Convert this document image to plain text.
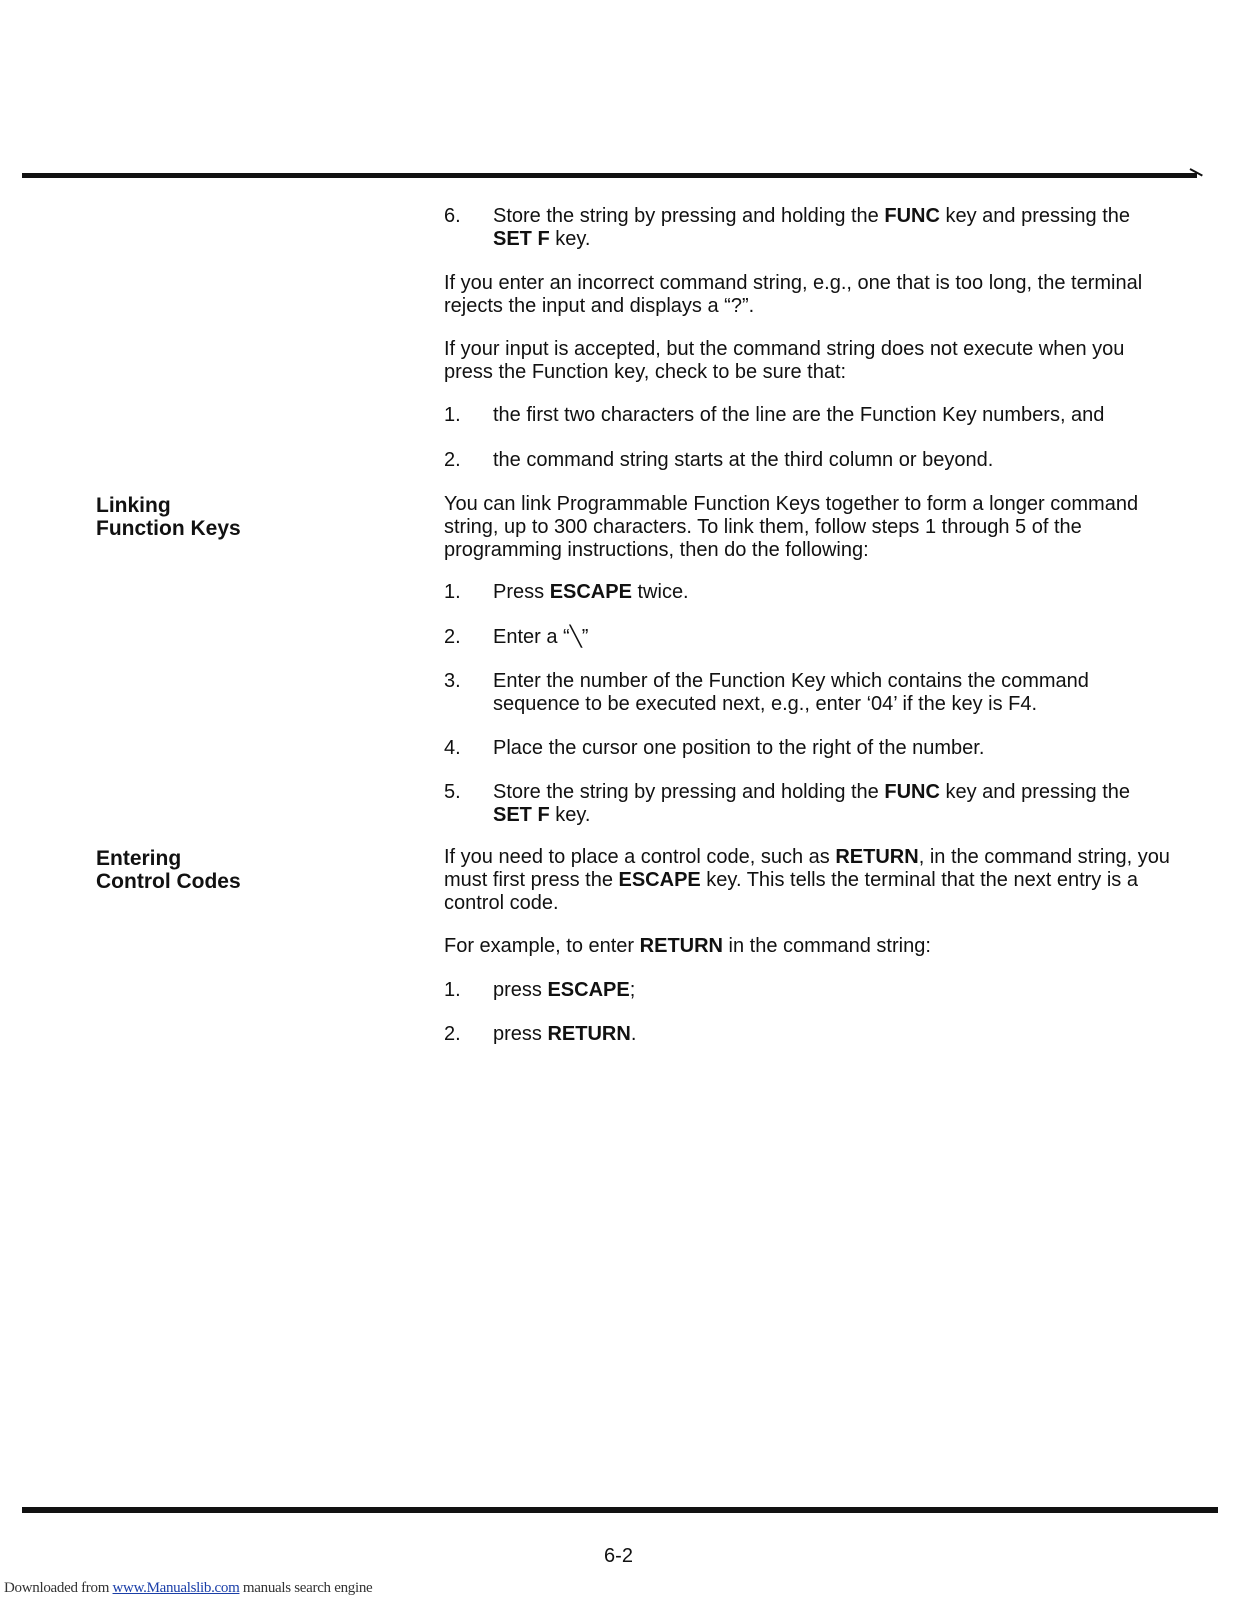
6. Store the string by pressing and holding the FUNC key and pressing the SET F key.

If you enter an incorrect command string, e.g., one that is too long, the terminal rejects the input and displays a “?”.

If your input is accepted, but the command string does not execute when you press the Function key, check to be sure that:

1. the first two characters of the line are the Function Key numbers, and
2. the command string starts at the third column or beyond.
Linking
Function Keys

You can link Programmable Function Keys together to form a longer command string, up to 300 characters. To link them, follow steps 1 through 5 of the programming instructions, then do the following:

1. Press ESCAPE twice.
2. Enter a “╲”
3. Enter the number of the Function Key which contains the command sequence to be executed next, e.g., enter ‘04’ if the key is F4.
4. Place the cursor one position to the right of the number.
5. Store the string by pressing and holding the FUNC key and pressing the SET F key.
Entering
Control Codes

If you need to place a control code, such as RETURN, in the command string, you must first press the ESCAPE key. This tells the terminal that the next entry is a control code.

For example, to enter RETURN in the command string:

1. press ESCAPE;
2. press RETURN.
6-2
Downloaded from www.Manualslib.com manuals search engine
